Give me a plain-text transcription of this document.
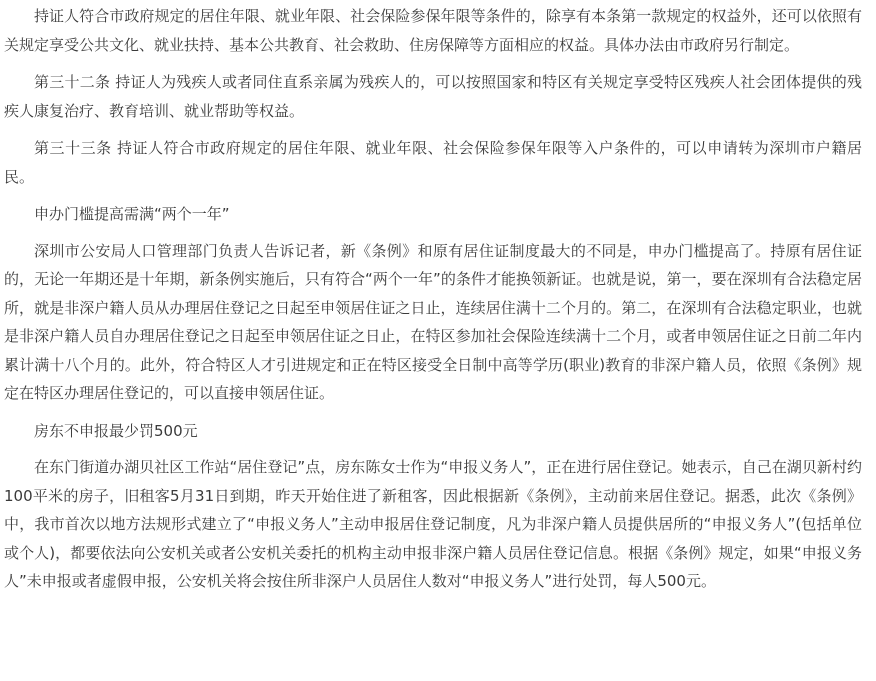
持证人符合市政府规定的居住年限、就业年限、社会保险参保年限等条件的，除享有本条第一款规定的权益外，还可以依照有关规定享受公共文化、就业扶持、基本公共教育、社会救助、住房保障等方面相应的权益。具体办法由市政府另行制定。

第三十二条 持证人为残疾人或者同住直系亲属为残疾人的，可以按照国家和特区有关规定享受特区残疾人社会团体提供的残疾人康复治疗、教育培训、就业帮助等权益。

第三十三条 持证人符合市政府规定的居住年限、就业年限、社会保险参保年限等入户条件的，可以申请转为深圳市户籍居民。

申办门槛提高需满“两个一年”

深圳市公安局人口管理部门负责人告诉记者，新《条例》和原有居住证制度最大的不同是，申办门槛提高了。持原有居住证的，无论一年期还是十年期，新条例实施后，只有符合“两个一年”的条件才能换领新证。也就是说，第一，要在深圳有合法稳定居所，就是非深户籍人员从办理居住登记之日起至申领居住证之日止，连续居住满十二个月的。第二，在深圳有合法稳定职业，也就是非深户籍人员自办理居住登记之日起至申领居住证之日止，在特区参加社会保险连续满十二个月，或者申领居住证之日前二年内累计满十八个月的。此外，符合特区人才引进规定和正在特区接受全日制中高等学历(职业)教育的非深户籍人员，依照《条例》规定在特区办理居住登记的，可以直接申领居住证。

房东不申报最少罚500元

在东门街道办湖贝社区工作站“居住登记”点，房东陈女士作为“申报义务人”，正在进行居住登记。她表示，自己在湖贝新村约100平米的房子，旧租客5月31日到期，昨天开始住进了新租客，因此根据新《条例》，主动前来居住登记。据悉，此次《条例》中，我市首次以地方法规形式建立了“申报义务人”主动申报居住登记制度，凡为非深户籍人员提供居所的“申报义务人”(包括单位或个人)，都要依法向公安机关或者公安机关委托的机构主动申报非深户籍人员居住登记信息。根据《条例》规定，如果“申报义务人”未申报或者虚假申报，公安机关将会按住所非深户人员居住人数对“申报义务人”进行处罚，每人500元。
